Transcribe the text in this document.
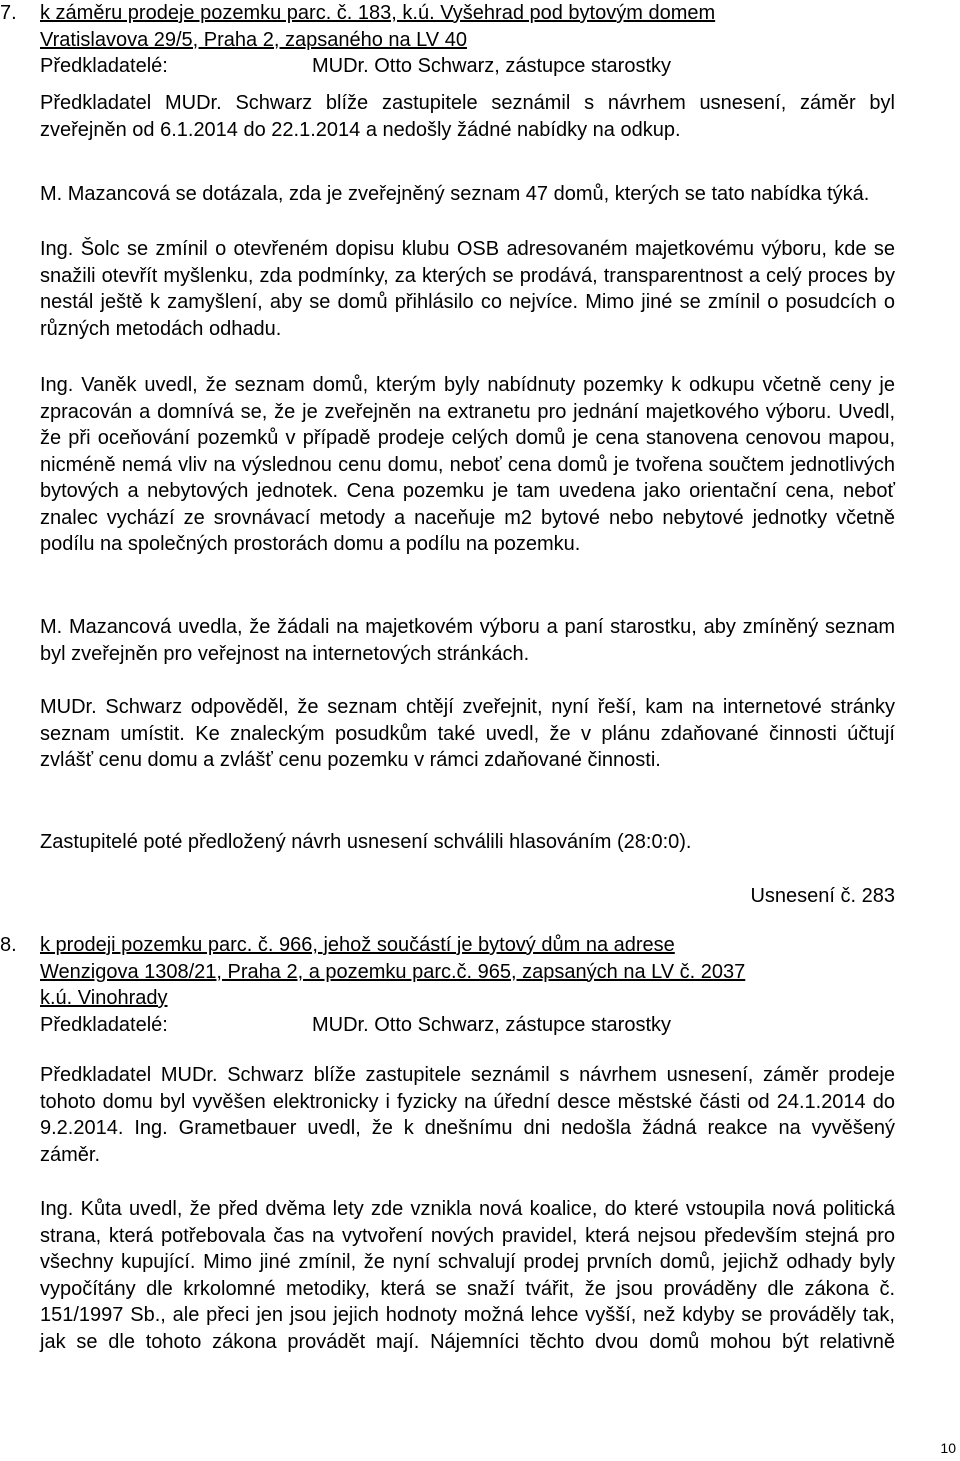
7. k záměru prodeje pozemku parc. č. 183, k.ú. Vyšehrad pod bytovým domem
Vratislavova 29/5, Praha 2, zapsaného na LV 40
Předkladatelé:	MUDr. Otto Schwarz, zástupce starostky

Předkladatel MUDr. Schwarz blíže zastupitele seznámil s návrhem usnesení, záměr byl zveřejněn od 6.1.2014 do 22.1.2014 a nedošly žádné nabídky na odkup.

M. Mazancová se dotázala, zda je zveřejněný seznam 47 domů, kterých se tato nabídka týká.

Ing. Šolc se zmínil o otevřeném dopisu klubu OSB adresovaném majetkovému výboru, kde se snažili otevřít myšlenku, zda podmínky, za kterých se prodává, transparentnost a celý proces by nestál ještě k zamyšlení, aby se domů přihlásilo co nejvíce. Mimo jiné se zmínil o posudcích o různých metodách odhadu.

Ing. Vaněk uvedl, že seznam domů, kterým byly nabídnuty pozemky k odkupu včetně ceny je zpracován a domnívá se, že je zveřejněn na extranetu pro jednání majetkového výboru. Uvedl, že při oceňování pozemků v případě prodeje celých domů je cena stanovena cenovou mapou, nicméně nemá vliv na výslednou cenu domu, neboť cena domů je tvořena součtem jednotlivých bytových a nebytových jednotek. Cena pozemku je tam uvedena jako orientační cena, neboť znalec vychází ze srovnávací metody a naceňuje m2 bytové nebo nebytové jednotky včetně podílu na společných prostorách domu a podílu na pozemku.

M. Mazancová uvedla, že žádali na majetkovém výboru a paní starostku, aby zmíněný seznam byl zveřejněn pro veřejnost na internetových stránkách.

MUDr. Schwarz odpověděl, že seznam chtějí zveřejnit, nyní řeší, kam na internetové stránky seznam umístit. Ke znaleckým posudkům také uvedl, že v plánu zdaňované činnosti účtují zvlášť cenu domu a zvlášť cenu pozemku v rámci zdaňované činnosti.

Zastupitelé poté předložený návrh usnesení schválili hlasováním (28:0:0).

Usnesení č. 283
8. k prodeji pozemku parc. č. 966, jehož součástí je bytový dům na adrese
Wenzigova 1308/21, Praha 2, a pozemku parc.č. 965, zapsaných na LV č. 2037
k.ú. Vinohrady
Předkladatelé:	MUDr. Otto Schwarz, zástupce starostky

Předkladatel MUDr. Schwarz blíže zastupitele seznámil s návrhem usnesení, záměr prodeje tohoto domu byl vyvěšen elektronicky i fyzicky na úřední desce městské části od 24.1.2014 do 9.2.2014. Ing. Grametbauer uvedl, že k dnešnímu dni nedošla žádná reakce na vyvěšený záměr.

Ing. Kůta uvedl, že před dvěma lety zde vznikla nová koalice, do které vstoupila nová politická strana, která potřebovala čas na vytvoření nových pravidel, která nejsou především stejná pro všechny kupující. Mimo jiné zmínil, že nyní schvalují prodej prvních domů, jejichž odhady byly vypočítány dle krkolomné metodiky, která se snaží tvářit, že jsou prováděny dle zákona č. 151/1997 Sb., ale přeci jen jsou jejich hodnoty možná lehce vyšší, než kdyby se prováděly tak, jak se dle tohoto zákona provádět mají. Nájemníci těchto dvou domů mohou být relativně

10
